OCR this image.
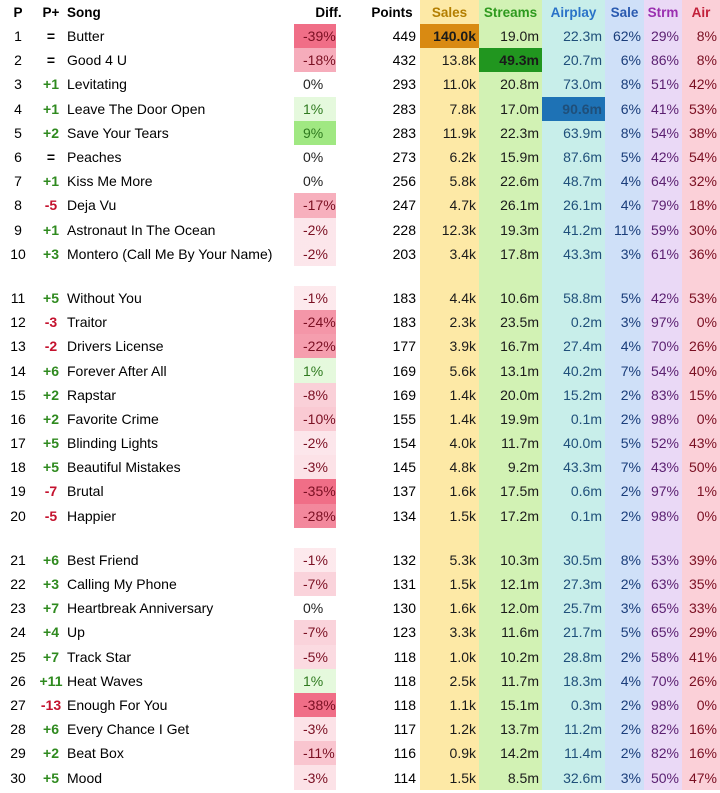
P	P+	Song	Diff.	Points	Sales	Streams	Airplay	Sale	Strm	Air
1	=	Butter	-39%	449	140.0k	19.0m	22.3m	62%	29%	8%
2	=	Good 4 U	-18%	432	13.8k	49.3m	20.7m	6%	86%	8%
3	+1	Levitating	0%	293	11.0k	20.8m	73.0m	8%	51%	42%
4	+1	Leave The Door Open	1%	283	7.8k	17.0m	90.6m	6%	41%	53%
5	+2	Save Your Tears	9%	283	11.9k	22.3m	63.9m	8%	54%	38%
6	=	Peaches	0%	273	6.2k	15.9m	87.6m	5%	42%	54%
7	+1	Kiss Me More	0%	256	5.8k	22.6m	48.7m	4%	64%	32%
8	-5	Deja Vu	-17%	247	4.7k	26.1m	26.1m	4%	79%	18%
9	+1	Astronaut In The Ocean	-2%	228	12.3k	19.3m	41.2m	11%	59%	30%
10	+3	Montero (Call Me By Your Name)	-2%	203	3.4k	17.8m	43.3m	3%	61%	36%

11	+5	Without You	-1%	183	4.4k	10.6m	58.8m	5%	42%	53%
12	-3	Traitor	-24%	183	2.3k	23.5m	0.2m	3%	97%	0%
13	-2	Drivers License	-22%	177	3.9k	16.7m	27.4m	4%	70%	26%
14	+6	Forever After All	1%	169	5.6k	13.1m	40.2m	7%	54%	40%
15	+2	Rapstar	-8%	169	1.4k	20.0m	15.2m	2%	83%	15%
16	+2	Favorite Crime	-10%	155	1.4k	19.9m	0.1m	2%	98%	0%
17	+5	Blinding Lights	-2%	154	4.0k	11.7m	40.0m	5%	52%	43%
18	+5	Beautiful Mistakes	-3%	145	4.8k	9.2m	43.3m	7%	43%	50%
19	-7	Brutal	-35%	137	1.6k	17.5m	0.6m	2%	97%	1%
20	-5	Happier	-28%	134	1.5k	17.2m	0.1m	2%	98%	0%

21	+6	Best Friend	-1%	132	5.3k	10.3m	30.5m	8%	53%	39%
22	+3	Calling My Phone	-7%	131	1.5k	12.1m	27.3m	2%	63%	35%
23	+7	Heartbreak Anniversary	0%	130	1.6k	12.0m	25.7m	3%	65%	33%
24	+4	Up	-7%	123	3.3k	11.6m	21.7m	5%	65%	29%
25	+7	Track Star	-5%	118	1.0k	10.2m	28.8m	2%	58%	41%
26	+11	Heat Waves	1%	118	2.5k	11.7m	18.3m	4%	70%	26%
27	-13	Enough For You	-38%	118	1.1k	15.1m	0.3m	2%	98%	0%
28	+6	Every Chance I Get	-3%	117	1.2k	13.7m	11.2m	2%	82%	16%
29	+2	Beat Box	-11%	116	0.9k	14.2m	11.4m	2%	82%	16%
30	+5	Mood	-3%	114	1.5k	8.5m	32.6m	3%	50%	47%
